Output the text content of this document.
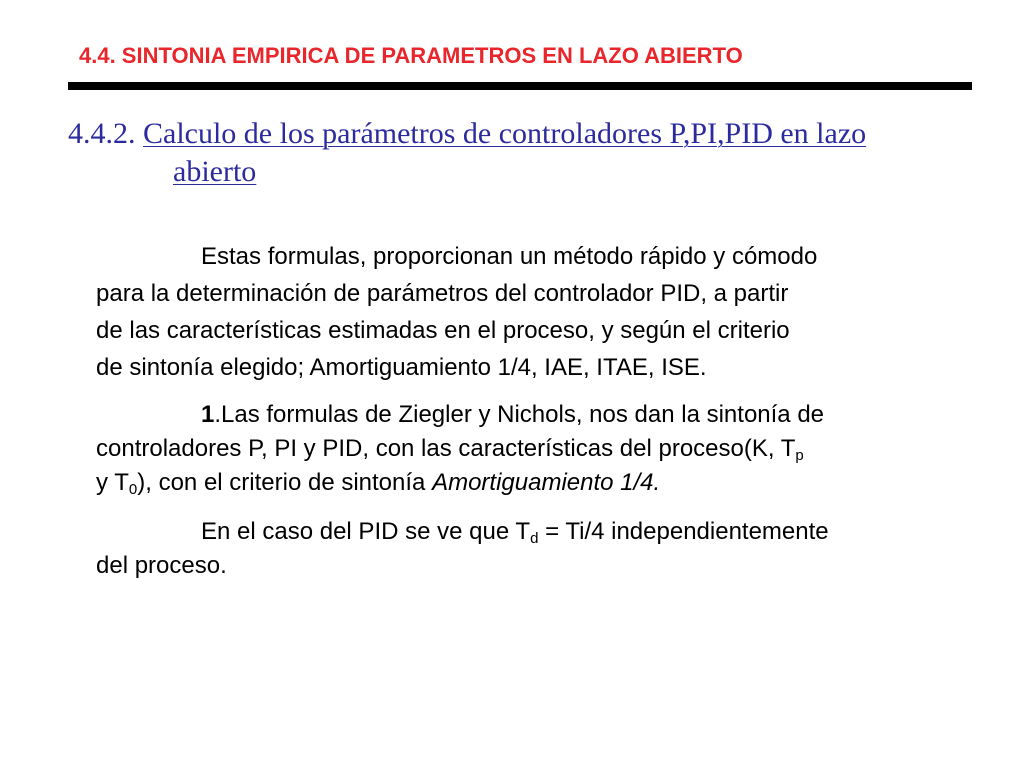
4.4. SINTONIA EMPIRICA DE PARAMETROS EN LAZO ABIERTO
4.4.2. Calculo de los parámetros de controladores P,PI,PID en lazo
abierto
Estas formulas, proporcionan un método rápido y cómodo
para la determinación de parámetros del controlador PID, a partir
de las características estimadas en el proceso, y según el criterio
de sintonía elegido; Amortiguamiento 1/4, IAE, ITAE, ISE.
1.Las formulas de Ziegler y Nichols, nos dan la sintonía de
controladores P, PI y PID, con las características del proceso(K, $T_p$
y $T_0$), con el criterio de sintonía Amortiguamiento 1/4.
En el caso del PID se ve que $T_d = Ti/4$ independientemente
del proceso.
